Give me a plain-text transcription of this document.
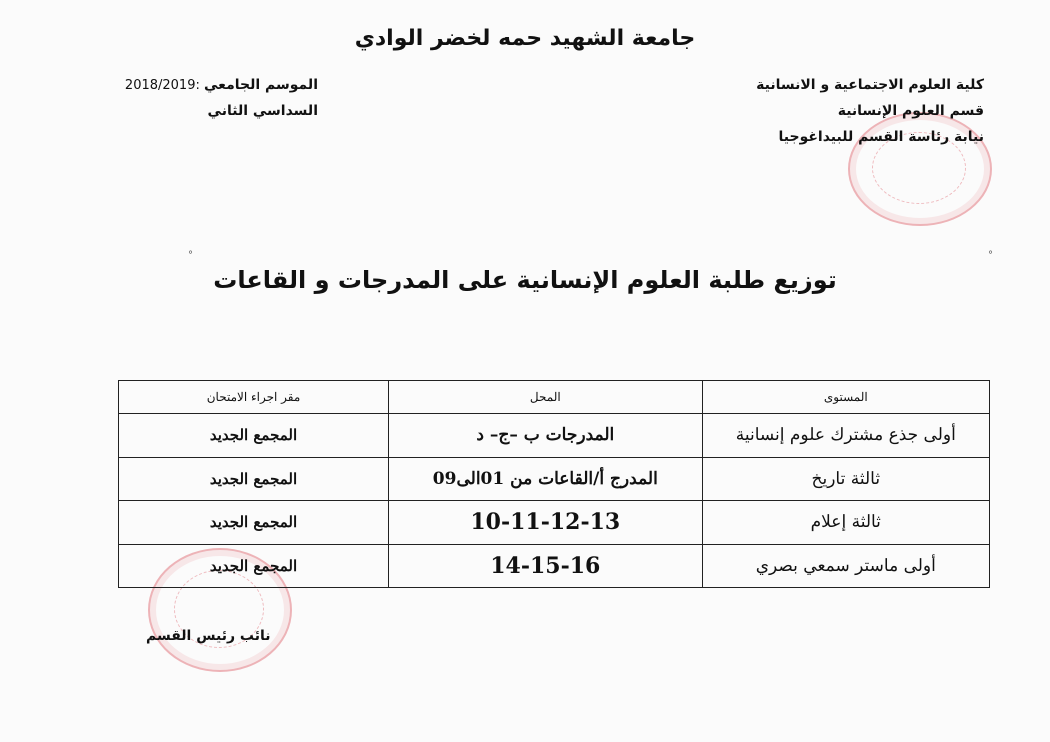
جامعة الشهيد حمه لخضر الوادي
كلية العلوم الاجتماعية و الانسانية
قسم العلوم الإنسانية
نيابة رئاسة القسم للبيداغوجيا
الموسم الجامعي :2018/2019
السداسي الثاني
°	°
توزيع طلبة العلوم الإنسانية على المدرجات و القاعات
المستوى	المحل	مقر اجراء الامتحان
أولى جذع مشترك علوم إنسانية	المدرجات ب –ج– د	المجمع الجديد
ثالثة تاريخ	المدرج أ/القاعات من 01الى09	المجمع الجديد
ثالثة إعلام	10-11-12-13	المجمع الجديد
أولى ماستر سمعي بصري	14-15-16	المجمع الجديد
نائب رئيس القسم
